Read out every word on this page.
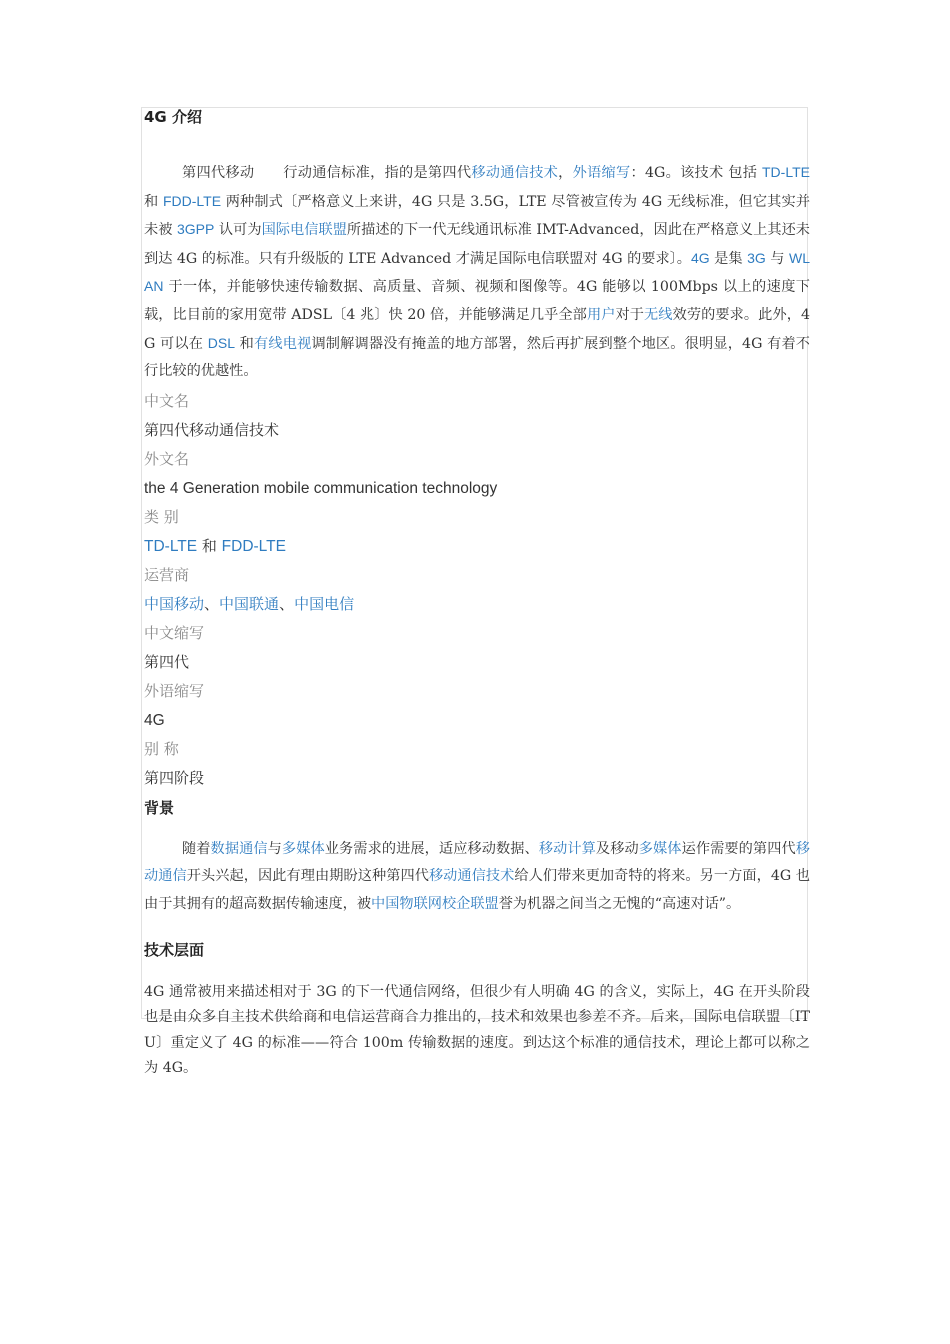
4G 介绍

第四代移动　　行动通信标准，指的是第四代移动通信技术，外语缩写：4G。该技术 包括 TD-LTE 和 FDD-LTE 两种制式〔严格意义上来讲，4G 只是 3.5G，LTE 尽管被宣传为 4G 无线标准，但它其实并未被 3GPP 认可为国际电信联盟所描述的下一代无线通讯标准 IMT-Advanced，因此在严格意义上其还未到达 4G 的标准。只有升级版的 LTE Advanced 才满足国际电信联盟对 4G 的要求〕。4G 是集 3G 与 WLAN 于一体，并能够快速传输数据、高质量、音频、视频和图像等。4G 能够以 100Mbps 以上的速度下载，比目前的家用宽带 ADSL〔4 兆〕快 20 倍，并能够满足几乎全部用户对于无线效劳的要求。此外，4G 可以在 DSL 和有线电视调制解调器没有掩盖的地方部署，然后再扩展到整个地区。很明显，4G 有着不行比较的优越性。

中文名

第四代移动通信技术

外文名

the 4 Generation mobile communication technology

类 别

TD-LTE 和 FDD-LTE

运营商

中国移动、中国联通、中国电信

中文缩写

第四代

外语缩写

4G

别 称

第四阶段

背景

随着数据通信与多媒体业务需求的进展，适应移动数据、移动计算及移动多媒体运作需要的第四代移动通信开头兴起，因此有理由期盼这种第四代移动通信技术给人们带来更加奇特的将来。另一方面，4G 也由于其拥有的超高数据传输速度，被中国物联网校企联盟誉为机器之间当之无愧的“高速对话”。

技术层面

4G 通常被用来描述相对于 3G 的下一代通信网络，但很少有人明确 4G 的含义，实际上，4G 在开头阶段也是由众多自主技术供给商和电信运营商合力推出的，技术和效果也参差不齐。后来，国际电信联盟〔ITU〕重定义了 4G 的标准——符合 100m 传输数据的速度。到达这个标准的通信技术，理论上都可以称之为 4G。
